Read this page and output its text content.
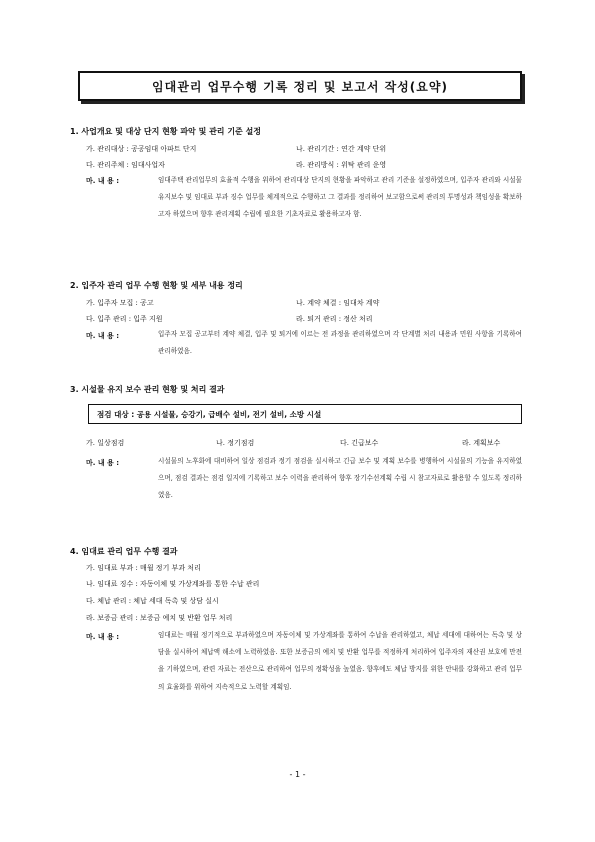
임대관리 업무수행 기록 정리 및 보고서 작성(요약)
1. 사업개요 및 대상 단지 현황 파악 및 관리 기준 설정
가. 관리대상 : 공공임대 아파트 단지	나. 관리기간 : 연간 계약 단위
다. 관리주체 : 임대사업자	라. 관리방식 : 위탁 관리 운영
마. 내 용 :	임대주택 관리업무의 효율적 수행을 위하여 관리대상 단지의 현황을 파악하고 관리 기준을 설정하였으며, 입주자 관리와 시설물 유지보수 및 임대료 부과 징수 업무를 체계적으로 수행하고 그 결과를 정리하여 보고함으로써 관리의 투명성과 책임성을 확보하고자 하였으며 향후 관리계획 수립에 필요한 기초자료로 활용하고자 함.
2. 입주자 관리 업무 수행 현황 및 세부 내용 정리
가. 입주자 모집 : 공고	나. 계약 체결 : 임대차 계약
다. 입주 관리 : 입주 지원	라. 퇴거 관리 : 정산 처리
마. 내 용 :	입주자 모집 공고부터 계약 체결, 입주 및 퇴거에 이르는 전 과정을 관리하였으며 각 단계별 처리 내용과 민원 사항을 기록하여 관리하였음.
3. 시설물 유지 보수 관리 현황 및 처리 결과
점검 대상 : 공용 시설물, 승강기, 급배수 설비, 전기 설비, 소방 시설
가. 일상점검	나. 정기점검	다. 긴급보수	라. 계획보수
마. 내 용 :	시설물의 노후화에 대비하여 일상 점검과 정기 점검을 실시하고 긴급 보수 및 계획 보수를 병행하여 시설물의 기능을 유지하였으며, 점검 결과는 점검 일지에 기록하고 보수 이력을 관리하여 향후 장기수선계획 수립 시 참고자료로 활용할 수 있도록 정리하였음.
4. 임대료 관리 업무 수행 결과
가. 임대료 부과 : 매월 정기 부과 처리
나. 임대료 징수 : 자동이체 및 가상계좌를 통한 수납 관리
다. 체납 관리 : 체납 세대 독촉 및 상담 실시
라. 보증금 관리 : 보증금 예치 및 반환 업무 처리
마. 내 용 :	임대료는 매월 정기적으로 부과하였으며 자동이체 및 가상계좌를 통하여 수납을 관리하였고, 체납 세대에 대하여는 독촉 및 상담을 실시하여 체납액 해소에 노력하였음. 또한 보증금의 예치 및 반환 업무를 적정하게 처리하여 입주자의 재산권 보호에 만전을 기하였으며, 관련 자료는 전산으로 관리하여 업무의 정확성을 높였음. 향후에도 체납 방지를 위한 안내를 강화하고 관리 업무의 효율화를 위하여 지속적으로 노력할 계획임.
- 1 -
